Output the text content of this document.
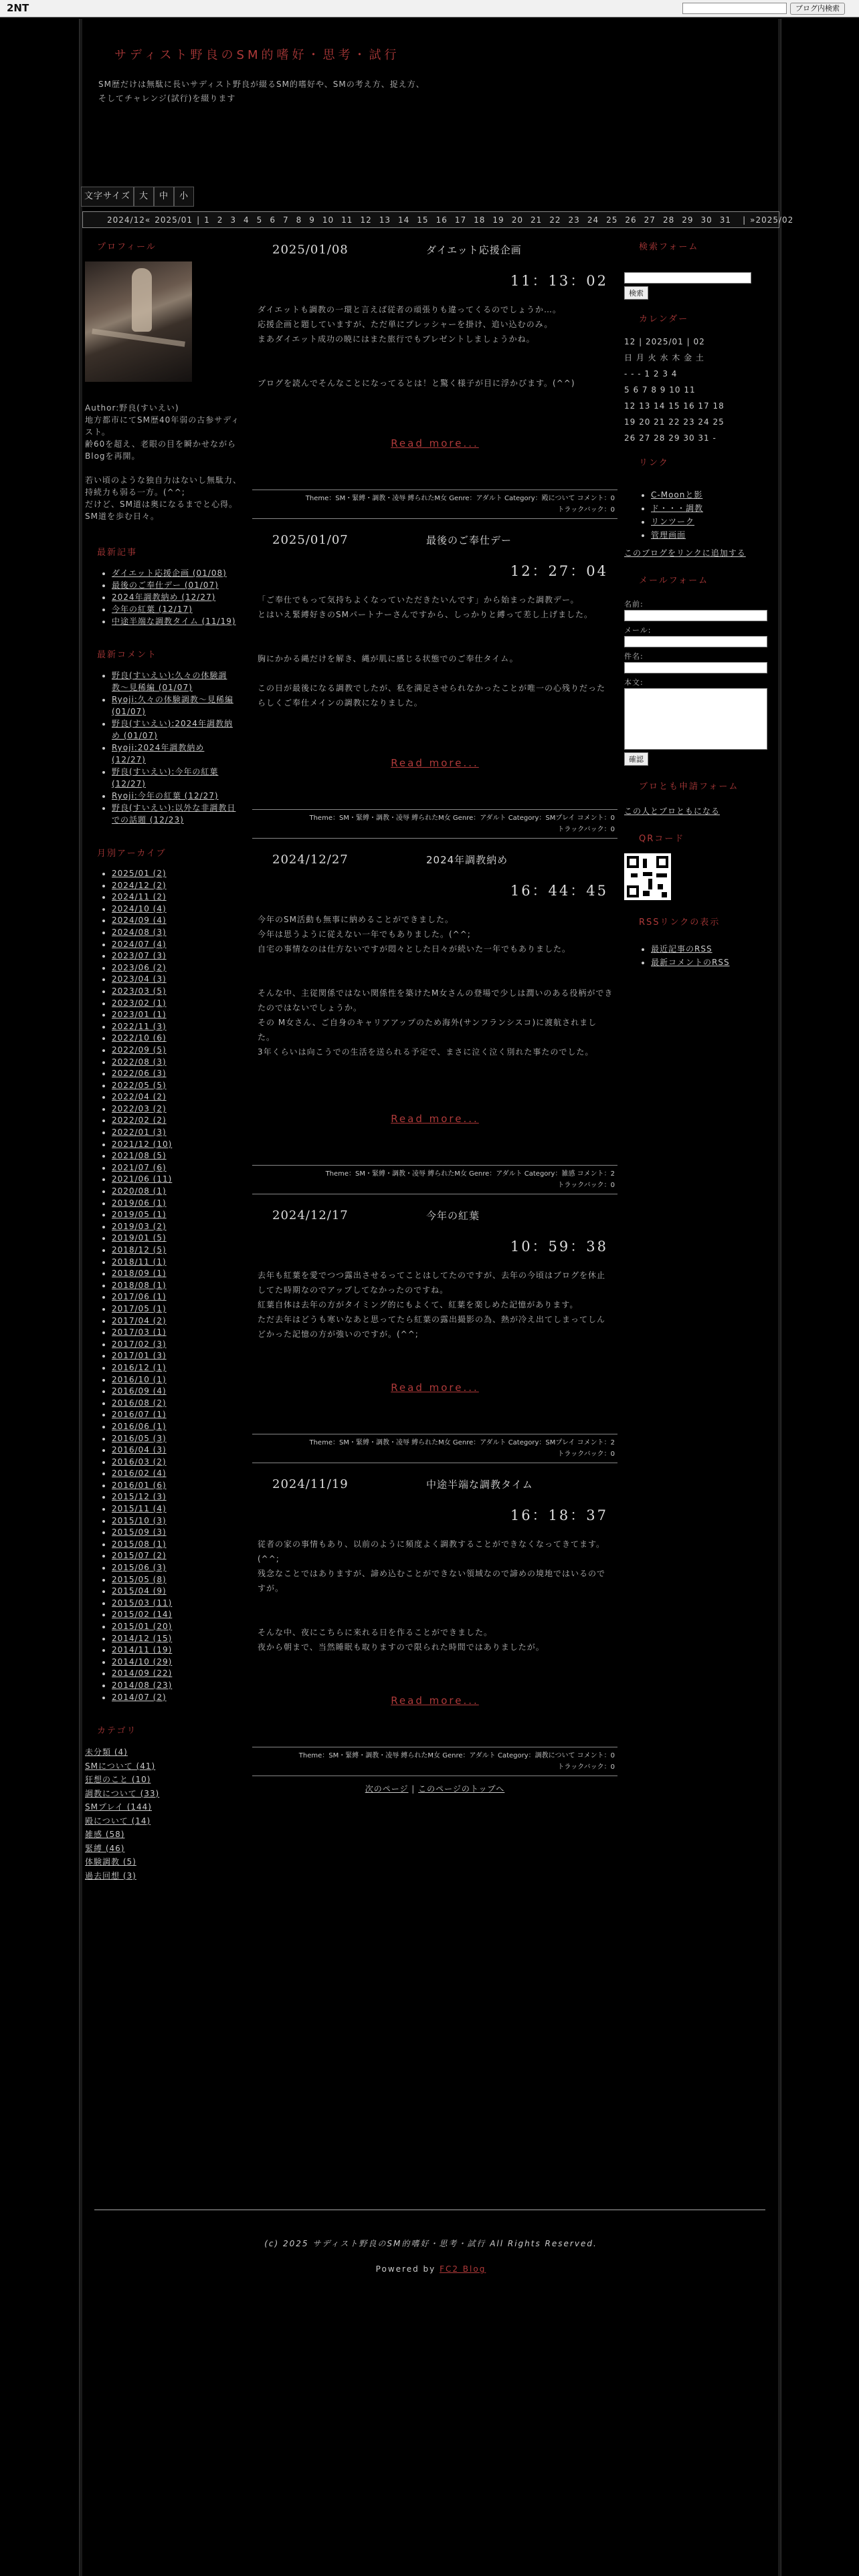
2NT	ブログ内検索
サディスト野良のSM的嗜好・思考・試行
SM歴だけは無駄に長いサディスト野良が綴るSM的嗜好や、SMの考え方、捉え方、
そしてチャレンジ(試行)を綴ります
文字サイズ 大	中	小
2024/12« 2025/01 | 1 2 3 4 5 6 7 8 9 10 11 12 13 14 15 16 17 18 19 20 21 22 23 24 25 26 27 28 29 30 31	| »2025/02
プロフィール
Author:野良(すいえい)
地方都市にてSM歴40年弱の古参サディスト。
齢60を超え、老眼の目を瞬かせながらBlogを再開。
若い頃のような独自力はないし無駄力、持続力も弱る一方。(^^;
だけど、SM道は奥になるまでと心得。
SM道を歩む日々。
最新記事
• ダイエット応援企画 (01/08)
• 最後のご奉仕デー (01/07)
• 2024年調教納め (12/27)
• 今年の紅葉 (12/17)
• 中途半端な調教タイム (11/19)
最新コメント
• 野良(すいえい):久々の体験調教〜見稀編 (01/07)
• Ryoji:久々の体験調教〜見稀編 (01/07)
• 野良(すいえい):2024年調教納め (01/07)
• Ryoji:2024年調教納め (12/27)
• 野良(すいえい):今年の紅葉 (12/27)
• Ryoji:今年の紅葉 (12/27)
• 野良(すいえい):以外な非調教日での話題 (12/23)
月別アーカイブ
• 2025/01 (2)
• 2024/12 (2)
• 2024/11 (2)
• 2024/10 (4)
• 2024/09 (4)
• 2024/08 (3)
• 2024/07 (4)
• 2023/07 (3)
• 2023/06 (2)
• 2023/04 (3)
• 2023/03 (5)
• 2023/02 (1)
• 2023/01 (1)
• 2022/11 (3)
• 2022/10 (6)
• 2022/09 (5)
• 2022/08 (3)
• 2022/06 (3)
• 2022/05 (5)
• 2022/04 (2)
• 2022/03 (2)
• 2022/02 (2)
• 2022/01 (3)
• 2021/12 (10)
• 2021/08 (5)
• 2021/07 (6)
• 2021/06 (11)
• 2020/08 (1)
• 2019/06 (1)
• 2019/05 (1)
• 2019/03 (2)
• 2019/01 (5)
• 2018/12 (5)
• 2018/11 (1)
• 2018/09 (1)
• 2018/08 (1)
• 2017/06 (1)
• 2017/05 (1)
• 2017/04 (2)
• 2017/03 (1)
• 2017/02 (3)
• 2017/01 (3)
• 2016/12 (1)
• 2016/10 (1)
• 2016/09 (4)
• 2016/08 (2)
• 2016/07 (1)
• 2016/06 (1)
• 2016/05 (3)
• 2016/04 (3)
• 2016/03 (2)
• 2016/02 (4)
• 2016/01 (6)
• 2015/12 (3)
• 2015/11 (4)
• 2015/10 (3)
• 2015/09 (3)
• 2015/08 (1)
• 2015/07 (2)
• 2015/06 (3)
• 2015/05 (8)
• 2015/04 (9)
• 2015/03 (11)
• 2015/02 (14)
• 2015/01 (20)
• 2014/12 (15)
• 2014/11 (19)
• 2014/10 (29)
• 2014/09 (22)
• 2014/08 (23)
• 2014/07 (2)
カテゴリ
未分類 (4)
SMについて (41)
狂想のこと (10)
調教について (33)
SMプレイ (144)
殿について (14)
雑感 (58)
緊縛 (46)
体験調教 (5)
過去回想 (3)
2025/01/08	ダイエット応援企画
11：13：02

ダイエットも調教の一環と言えば従者の頑張りも違ってくるのでしょうか…。

応援企画と題していますが、ただ単にプレッシャーを掛け、追い込むのみ。

まあダイエット成功の暁にはまた旅行でもプレゼントしましょうかね。

ブログを読んでそんなことになってるとは！と驚く様子が目に浮かびます。(^^)

Read more...
Theme：SM・緊縛・調教・凌辱 縛られたM女 Genre：アダルト Category：殿について コメント：0
トラックバック：0
2025/01/07	最後のご奉仕デー
12：27：04

「ご奉仕でもって気持ちよくなっていただきたいんです」から始まった調教デー。

とはいえ緊縛好きのSMパートナーさんですから、しっかりと縛って差し上げました。

胸にかかる縄だけを解き、縄が肌に感じる状態でのご奉仕タイム。

この日が最後になる調教でしたが、私を満足させられなかったことが唯一の心残りだったらしくご奉仕メインの調教になりました。

Read more...
Theme：SM・緊縛・調教・凌辱 縛られたM女 Genre：アダルト Category：SMプレイ コメント：0
トラックバック：0
2024/12/27	2024年調教納め
16：44：45

今年のSM活動も無事に納めることができました。

今年は思うように従えない一年でもありました。(^^;

自宅の事情なのは仕方ないですが悶々とした日々が続いた一年でもありました。

そんな中、主従関係ではない関係性を築けたM女さんの登場で少しは潤いのある役柄ができたのではないでしょうか。

その M女さん、ご自身のキャリアアップのため海外(サンフランシスコ)に渡航されました。

3年くらいは向こうでの生活を送られる予定で、まさに泣く泣く別れた事たのでした。

Read more...
Theme：SM・緊縛・調教・凌辱 縛られたM女 Genre：アダルト Category：雑感 コメント：2
トラックバック：0
2024/12/17	今年の紅葉
10：59：38

去年も紅葉を愛でつつ露出させるってことはしてたのですが、去年の今頃はブログを休止してた時期なのでアップしてなかったのですね。

紅葉自体は去年の方がタイミング的にもよくて、紅葉を楽しめた記憶があります。

ただ去年はどうも寒いなあと思ってたら紅葉の露出撮影の為、熱が冷え出てしまってしんどかった記憶の方が強いのですが。(^^;

Read more...
Theme：SM・緊縛・調教・凌辱 縛られたM女 Genre：アダルト Category：SMプレイ コメント：2
トラックバック：0
2024/11/19	中途半端な調教タイム
16：18：37

従者の家の事情もあり、以前のように頻度よく調教することができなくなってきてます。(^^;

残念なことではありますが、諦め込むことができない領域なので諦めの境地ではいるのですが。

そんな中、夜にこちらに来れる日を作ることができました。

夜から朝まで、当然睡眠も取りますので限られた時間ではありましたが。

Read more...
Theme：SM・緊縛・調教・凌辱 縛られたM女 Genre：アダルト Category：調教について コメント：0
トラックバック：0
次のページ | このページのトップへ
検索フォーム
検索
カレンダー
12 | 2025/01 | 02
日 月 火 水 木 金 土
- - - 1 2 3 4
5 6 7 8 9 10 11
12 13 14 15 16 17 18
19 20 21 22 23 24 25
26 27 28 29 30 31 -
リンク
• C-Moonと影
• ド・・・調教
• リンツーク
• 管理画面
このブログをリンクに追加する
メールフォーム
名前:
メール:
件名:
本文:
確認
ブロとも申請フォーム
この人とブロともになる
QRコード
RSSリンクの表示
• 最近記事のRSS
• 最新コメントのRSS
(c) 2025 サディスト野良のSM的嗜好・思考・試行 All Rights Reserved.
Powered by FC2 Blog
